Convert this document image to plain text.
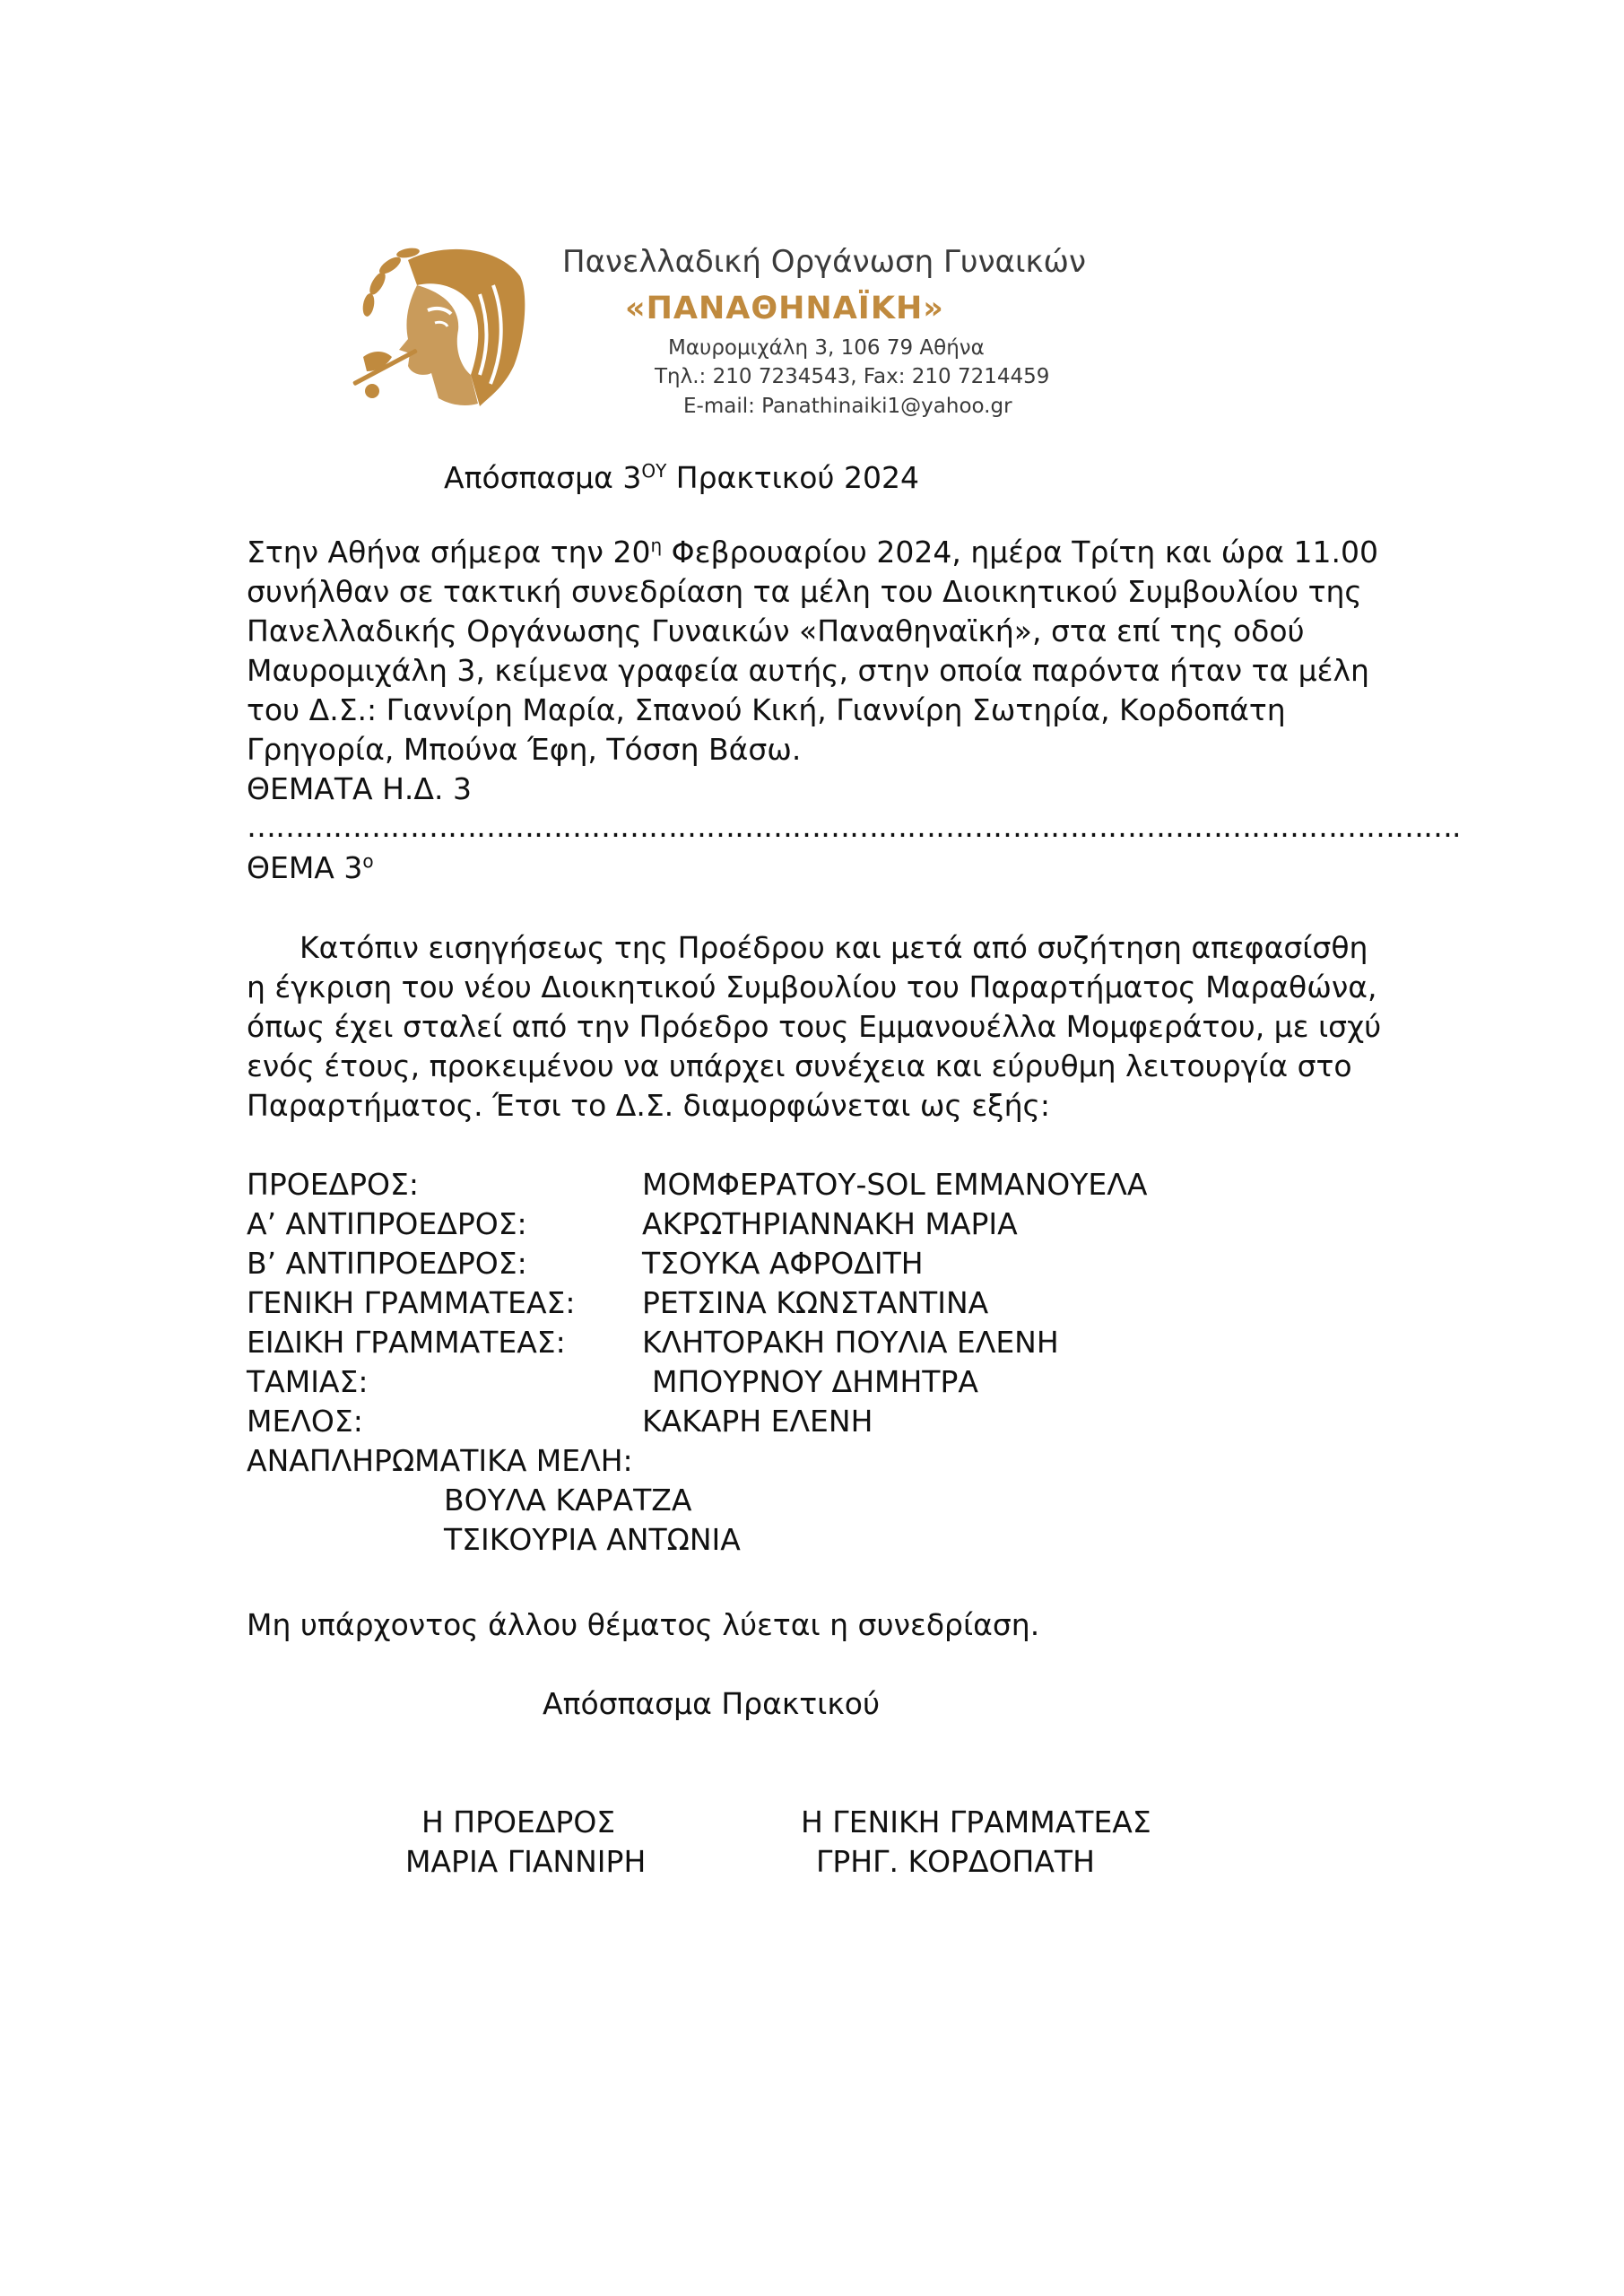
Πανελλαδική Οργάνωση Γυναικών
«ΠΑΝΑΘΗΝΑΪΚΗ»
Μαυρομιχάλη 3, 106 79 Αθήνα
Τηλ.: 210 7234543, Fax: 210 7214459
E-mail: Panathinaiki1@yahoo.gr
Απόσπασμα $3^{O\Upsilon}$ Πρακτικού 2024
Στην Αθήνα σήμερα την $20^\eta$ Φεβρουαρίου 2024, ημέρα Τρίτη και ώρα 11.00
συνήλθαν σε τακτική συνεδρίαση τα μέλη του Διοικητικού Συμβουλίου της
Πανελλαδικής Οργάνωσης Γυναικών «Παναθηναϊκή», στα επί της οδού
Μαυρομιχάλη 3, κείμενα γραφεία αυτής, στην οποία παρόντα ήταν τα μέλη
του Δ.Σ.: Γιαννίρη Μαρία, Σπανού Κική, Γιαννίρη Σωτηρία, Κορδοπάτη
Γρηγορία, Μπούνα Έφη, Τόσση Βάσω.
ΘΕΜΑΤΑ Η.Δ. 3
……………………………………………………………………………………………………………….
ΘΕΜΑ $3^o$
Κατόπιν εισηγήσεως της Προέδρου και μετά από συζήτηση απεφασίσθη
η έγκριση του νέου Διοικητικού Συμβουλίου του Παραρτήματος Μαραθώνα,
όπως έχει σταλεί από την Πρόεδρο τους Εμμανουέλλα Μομφεράτου, με ισχύ
ενός έτους, προκειμένου να υπάρχει συνέχεια και εύρυθμη λειτουργία στο
Παραρτήματος. Έτσι το Δ.Σ. διαμορφώνεται ως εξής:
ΠΡΟΕΔΡΟΣ:	ΜΟΜΦΕΡΑΤΟΥ-SOL ΕΜΜΑΝΟΥΕΛΑ
Α’ ΑΝΤΙΠΡΟΕΔΡΟΣ:	ΑΚΡΩΤΗΡΙΑΝΝΑΚΗ ΜΑΡΙΑ
Β’ ΑΝΤΙΠΡΟΕΔΡΟΣ:	ΤΣΟΥΚΑ ΑΦΡΟΔΙΤΗ
ΓΕΝΙΚΗ ΓΡΑΜΜΑΤΕΑΣ: ΡΕΤΣΙΝΑ ΚΩΝΣΤΑΝΤΙΝΑ
ΕΙΔΙΚΗ ΓΡΑΜΜΑΤΕΑΣ:	ΚΛΗΤΟΡΑΚΗ ΠΟΥΛΙΑ ΕΛΕΝΗ
ΤΑΜΙΑΣ:	ΜΠΟΥΡΝΟΥ ΔΗΜΗΤΡΑ
ΜΕΛΟΣ:	ΚΑΚΑΡΗ ΕΛΕΝΗ
ΑΝΑΠΛΗΡΩΜΑΤΙΚΑ ΜΕΛΗ:
ΒΟΥΛΑ ΚΑΡΑΤΖΑ
ΤΣΙΚΟΥΡΙΑ ΑΝΤΩΝΙΑ
Μη υπάρχοντος άλλου θέματος λύεται η συνεδρίαση.
Απόσπασμα Πρακτικού
Η ΠΡΟΕΔΡΟΣ
ΜΑΡΙΑ ΓΙΑΝΝΙΡΗ
Η ΓΕΝΙΚΗ ΓΡΑΜΜΑΤΕΑΣ
ΓΡΗΓ. ΚΟΡΔΟΠΑΤΗ
